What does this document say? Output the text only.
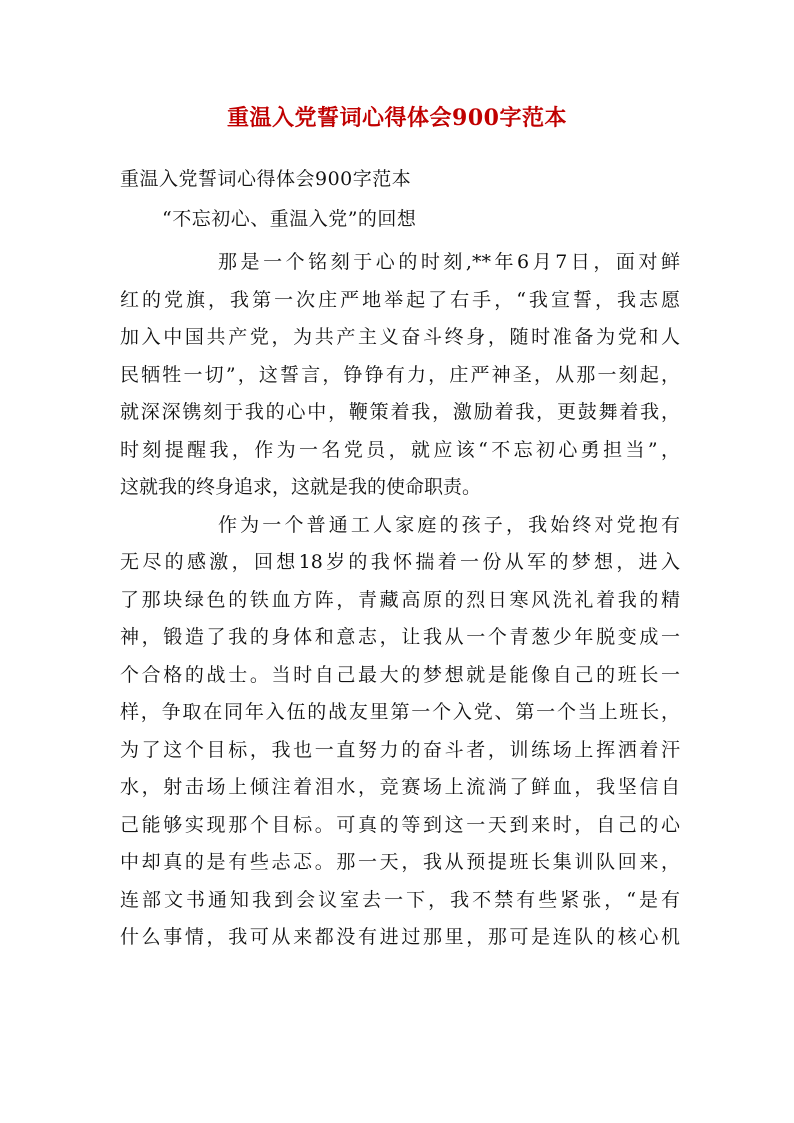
重温入党誓词心得体会900字范本
重温入党誓词心得体会900字范本
“不忘初心、重温入党”的回想
那是一个铭刻于心的时刻,**年6月7日，面对鲜
红的党旗，我第一次庄严地举起了右手，“我宣誓，我志愿
加入中国共产党，为共产主义奋斗终身，随时准备为党和人
民牺牲一切”，这誓言，铮铮有力，庄严神圣，从那一刻起，
就深深镌刻于我的心中，鞭策着我，激励着我，更鼓舞着我，
时刻提醒我，作为一名党员，就应该“不忘初心勇担当”，
这就我的终身追求，这就是我的使命职责。
作为一个普通工人家庭的孩子，我始终对党抱有
无尽的感激，回想18岁的我怀揣着一份从军的梦想，进入
了那块绿色的铁血方阵，青藏高原的烈日寒风洗礼着我的精
神，锻造了我的身体和意志，让我从一个青葱少年脱变成一
个合格的战士。当时自己最大的梦想就是能像自己的班长一
样，争取在同年入伍的战友里第一个入党、第一个当上班长，
为了这个目标，我也一直努力的奋斗者，训练场上挥洒着汗
水，射击场上倾注着泪水，竞赛场上流淌了鲜血，我坚信自
己能够实现那个目标。可真的等到这一天到来时，自己的心
中却真的是有些忐忑。那一天，我从预提班长集训队回来，
连部文书通知我到会议室去一下，我不禁有些紧张，“是有
什么事情，我可从来都没有进过那里，那可是连队的核心机
